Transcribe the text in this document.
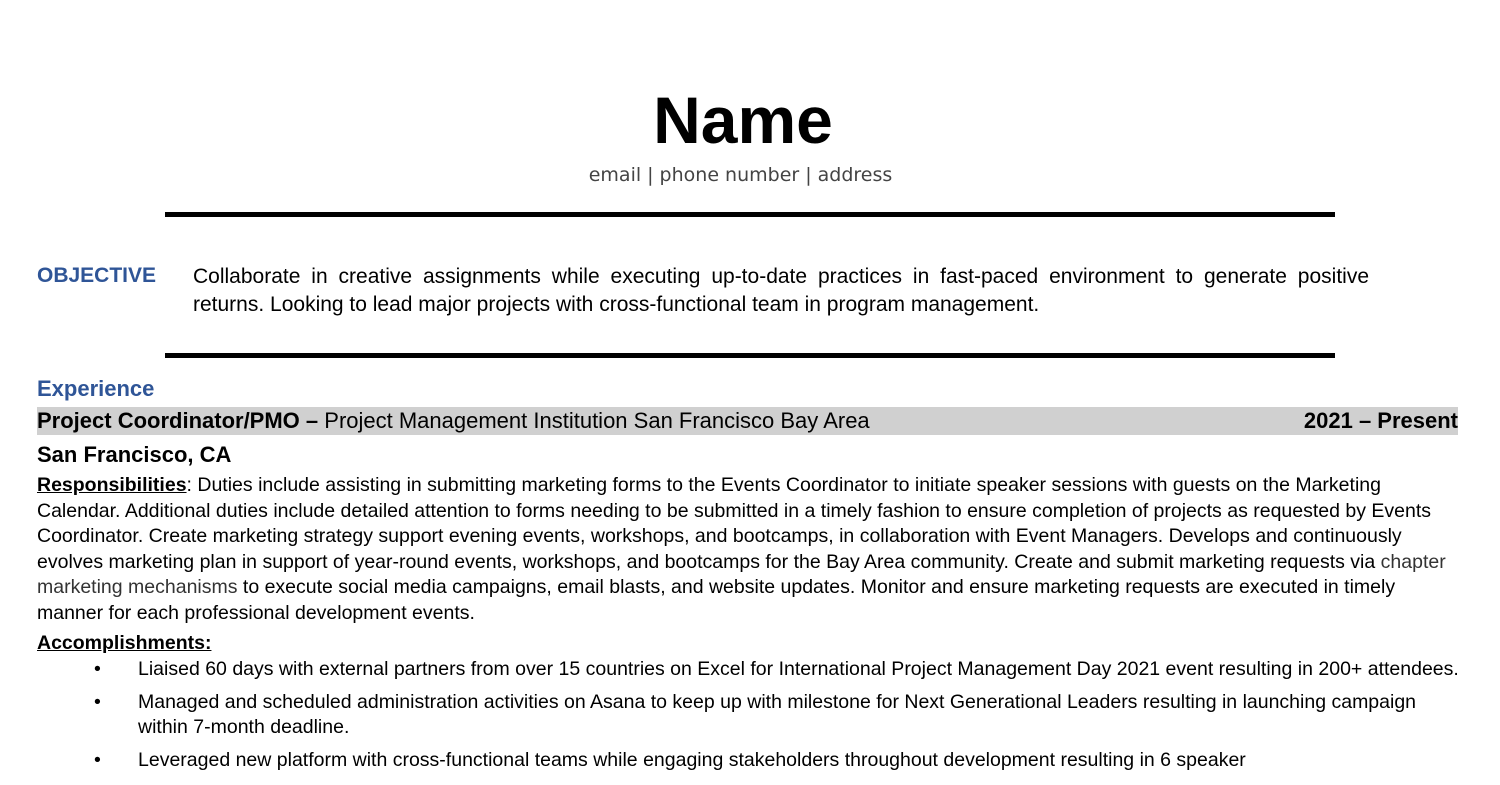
Name
email | phone number | address
OBJECTIVE Collaborate in creative assignments while executing up-to-date practices in fast-paced environment to generate positive returns. Looking to lead major projects with cross-functional team in program management.
Experience
Project Coordinator/PMO – Project Management Institution San Francisco Bay Area	2021 – Present
San Francisco, CA
Responsibilities: Duties include assisting in submitting marketing forms to the Events Coordinator to initiate speaker sessions with guests on the Marketing Calendar. Additional duties include detailed attention to forms needing to be submitted in a timely fashion to ensure completion of projects as requested by Events Coordinator. Create marketing strategy support evening events, workshops, and bootcamps, in collaboration with Event Managers. Develops and continuously evolves marketing plan in support of year-round events, workshops, and bootcamps for the Bay Area community. Create and submit marketing requests via chapter marketing mechanisms to execute social media campaigns, email blasts, and website updates. Monitor and ensure marketing requests are executed in timely manner for each professional development events.
Accomplishments:
• Liaised 60 days with external partners from over 15 countries on Excel for International Project Management Day 2021 event resulting in 200+ attendees.
• Managed and scheduled administration activities on Asana to keep up with milestone for Next Generational Leaders resulting in launching campaign within 7-month deadline.
• Leveraged new platform with cross-functional teams while engaging stakeholders throughout development resulting in 6 speaker
